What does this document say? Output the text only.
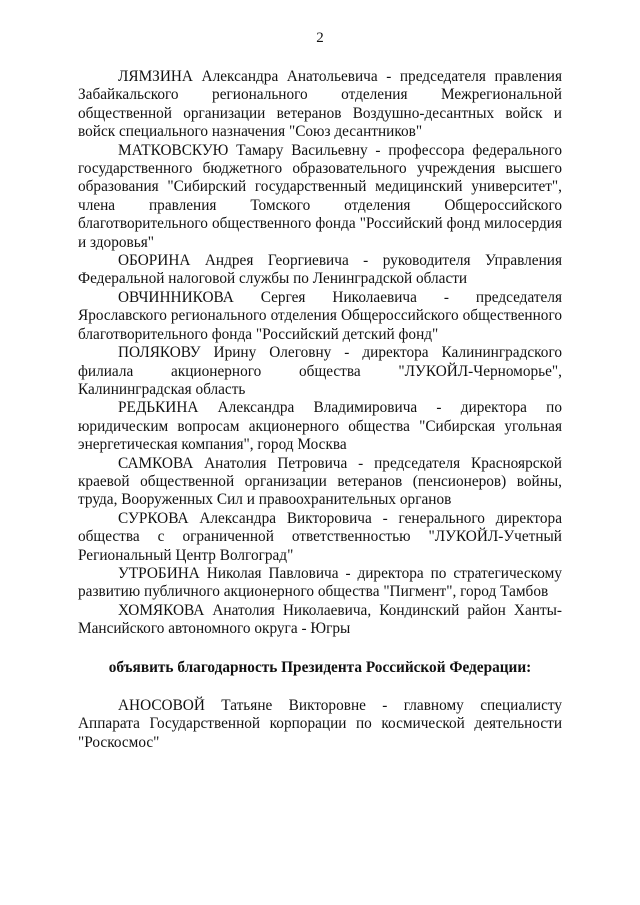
2

ЛЯМЗИНА Александра Анатольевича - председателя правления Забайкальского регионального отделения Межрегиональной общественной организации ветеранов Воздушно-десантных войск и войск специального назначения "Союз десантников"

МАТКОВСКУЮ Тамару Васильевну - профессора федерального государственного бюджетного образовательного учреждения высшего образования "Сибирский государственный медицинский университет", члена правления Томского отделения Общероссийского благотворительного общественного фонда "Российский фонд милосердия и здоровья"

ОБОРИНА Андрея Георгиевича - руководителя Управления Федеральной налоговой службы по Ленинградской области

ОВЧИННИКОВА Сергея Николаевича - председателя Ярославского регионального отделения Общероссийского общественного благотворительного фонда "Российский детский фонд"

ПОЛЯКОВУ Ирину Олеговну - директора Калининградского филиала акционерного общества "ЛУКОЙЛ-Черноморье", Калининградская область

РЕДЬКИНА Александра Владимировича - директора по юридическим вопросам акционерного общества "Сибирская угольная энергетическая компания", город Москва

САМКОВА Анатолия Петровича - председателя Красноярской краевой общественной организации ветеранов (пенсионеров) войны, труда, Вооруженных Сил и правоохранительных органов

СУРКОВА Александра Викторовича - генерального директора общества с ограниченной ответственностью "ЛУКОЙЛ-Учетный Региональный Центр Волгоград"

УТРОБИНА Николая Павловича - директора по стратегическому развитию публичного акционерного общества "Пигмент", город Тамбов

ХОМЯКОВА Анатолия Николаевича, Кондинский район Ханты-Мансийского автономного округа - Югры

объявить благодарность Президента Российской Федерации:

АНОСОВОЙ Татьяне Викторовне - главному специалисту Аппарата Государственной корпорации по космической деятельности "Роскосмос"
